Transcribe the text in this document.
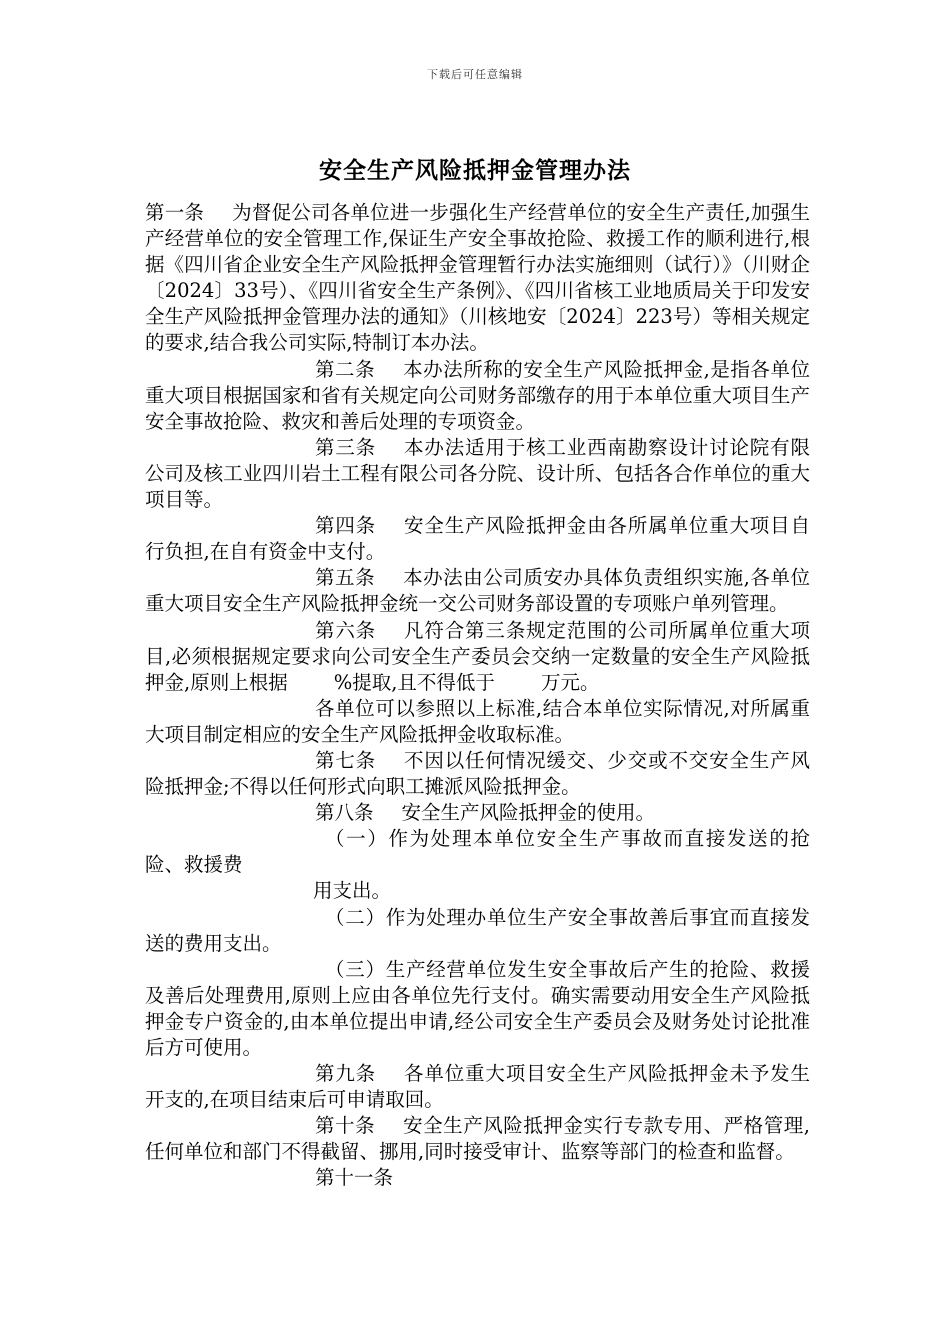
下载后可任意编辑
安全生产风险抵押金管理办法

第一条 为督促公司各单位进一步强化生产经营单位的安全生产责任,加强生产经营单位的安全管理工作,保证生产安全事故抢险、救援工作的顺利进行,根据《四川省企业安全生产风险抵押金管理暂行办法实施细则（试行）》（川财企〔2024〕33号）、《四川省安全生产条例》、《四川省核工业地质局关于印发安全生产风险抵押金管理办法的通知》（川核地安〔2024〕223号）等相关规定的要求,结合我公司实际,特制订本办法。

第二条 本办法所称的安全生产风险抵押金,是指各单位重大项目根据国家和省有关规定向公司财务部缴存的用于本单位重大项目生产安全事故抢险、救灾和善后处理的专项资金。

第三条 本办法适用于核工业西南勘察设计讨论院有限公司及核工业四川岩土工程有限公司各分院、设计所、包括各合作单位的重大项目等。

第四条 安全生产风险抵押金由各所属单位重大项目自行负担,在自有资金中支付。

第五条 本办法由公司质安办具体负责组织实施,各单位重大项目安全生产风险抵押金统一交公司财务部设置的专项账户单列管理。

第六条 凡符合第三条规定范围的公司所属单位重大项目,必须根据规定要求向公司安全生产委员会交纳一定数量的安全生产风险抵押金,原则上根据 %提取,且不得低于 万元。

各单位可以参照以上标准,结合本单位实际情况,对所属重大项目制定相应的安全生产风险抵押金收取标准。

第七条 不因以任何情况缓交、少交或不交安全生产风险抵押金;不得以任何形式向职工摊派风险抵押金。

第八条 安全生产风险抵押金的使用。

（一）作为处理本单位安全生产事故而直接发送的抢险、救援费

用支出。

（二）作为处理办单位生产安全事故善后事宜而直接发送的费用支出。

（三）生产经营单位发生安全事故后产生的抢险、救援及善后处理费用,原则上应由各单位先行支付。确实需要动用安全生产风险抵押金专户资金的,由本单位提出申请,经公司安全生产委员会及财务处讨论批准后方可使用。

第九条 各单位重大项目安全生产风险抵押金未予发生开支的,在项目结束后可申请取回。

第十条 安全生产风险抵押金实行专款专用、严格管理,任何单位和部门不得截留、挪用,同时接受审计、监察等部门的检查和监督。

第十一条
